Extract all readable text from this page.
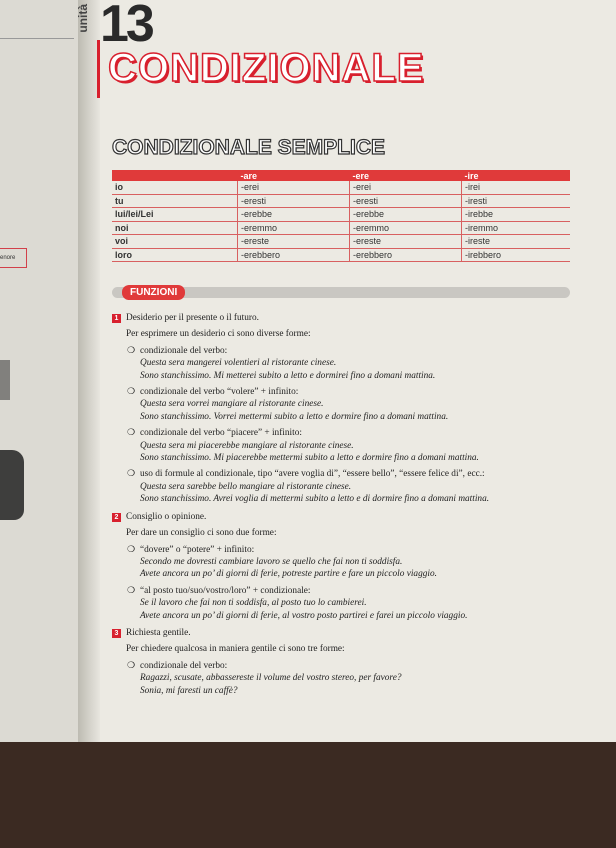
enore
unità 13
CONDIZIONALE
CONDIZIONALE SEMPLICE
	-are	-ere	-ire
io	-erei	-erei	-irei
tu	-eresti	-eresti	-iresti
lui/lei/Lei	-erebbe	-erebbe	-irebbe
noi	-eremmo	-eremmo	-iremmo
voi	-ereste	-ereste	-ireste
loro	-erebbero	-erebbero	-irebbero
FUNZIONI
1 Desiderio per il presente o il futuro.
Per esprimere un desiderio ci sono diverse forme:
❍ condizionale del verbo:
Questa sera mangerei volentieri al ristorante cinese.
Sono stanchissimo. Mi metterei subito a letto e dormirei fino a domani mattina.
❍ condizionale del verbo “volere” + infinito:
Questa sera vorrei mangiare al ristorante cinese.
Sono stanchissimo. Vorrei mettermi subito a letto e dormire fino a domani mattina.
❍ condizionale del verbo “piacere” + infinito:
Questa sera mi piacerebbe mangiare al ristorante cinese.
Sono stanchissimo. Mi piacerebbe mettermi subito a letto e dormire fino a domani mattina.
❍ uso di formule al condizionale, tipo “avere voglia di”, “essere bello”, “essere felice di”, ecc.:
Questa sera sarebbe bello mangiare al ristorante cinese.
Sono stanchissimo. Avrei voglia di mettermi subito a letto e di dormire fino a domani mattina.
2 Consiglio o opinione.
Per dare un consiglio ci sono due forme:
❍ “dovere” o “potere” + infinito:
Secondo me dovresti cambiare lavoro se quello che fai non ti soddisfa.
Avete ancora un po’ di giorni di ferie, potreste partire e fare un piccolo viaggio.
❍ “al posto tuo/suo/vostro/loro” + condizionale:
Se il lavoro che fai non ti soddisfa, al posto tuo lo cambierei.
Avete ancora un po’ di giorni di ferie, al vostro posto partirei e farei un piccolo viaggio.
3 Richiesta gentile.
Per chiedere qualcosa in maniera gentile ci sono tre forme:
❍ condizionale del verbo:
Ragazzi, scusate, abbassereste il volume del vostro stereo, per favore?
Sonia, mi faresti un caffè?
